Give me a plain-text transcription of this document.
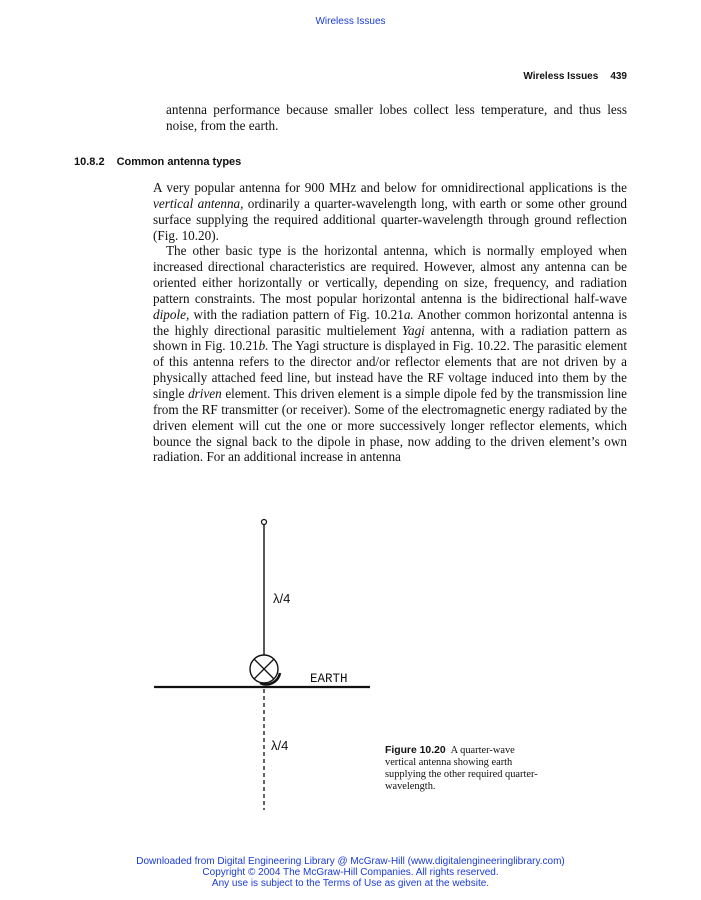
Wireless Issues
Wireless Issues 439
antenna performance because smaller lobes collect less temperature, and thus less noise, from the earth.
10.8.2 Common antenna types

A very popular antenna for 900 MHz and below for omnidirectional applications is the vertical antenna, ordinarily a quarter-wavelength long, with earth or some other ground surface supplying the required additional quarter-wavelength through ground reflection (Fig. 10.20).

The other basic type is the horizontal antenna, which is normally employed when increased directional characteristics are required. However, almost any antenna can be oriented either horizontally or vertically, depending on size, frequency, and radiation pattern constraints. The most popular horizontal antenna is the bidirectional half-wave dipole, with the radiation pattern of Fig. 10.21a. Another common horizontal antenna is the highly directional parasitic multielement Yagi antenna, with a radiation pattern as shown in Fig. 10.21b. The Yagi structure is displayed in Fig. 10.22. The parasitic element of this antenna refers to the director and/or reflector elements that are not driven by a physically attached feed line, but instead have the RF voltage induced into them by the single driven element. This driven element is a simple dipole fed by the transmission line from the RF transmitter (or receiver). Some of the electromagnetic energy radiated by the driven element will cut the one or more successively longer reflector elements, which bounce the signal back to the dipole in phase, now adding to the driven element’s own radiation. For an additional increase in antenna

λ/4
EARTH
λ/4	Figure 10.20 A quarter-wave vertical antenna showing earth supplying the other required quarter-wavelength.
Downloaded from Digital Engineering Library @ McGraw-Hill (www.digitalengineeringlibrary.com)
Copyright © 2004 The McGraw-Hill Companies. All rights reserved.
Any use is subject to the Terms of Use as given at the website.
